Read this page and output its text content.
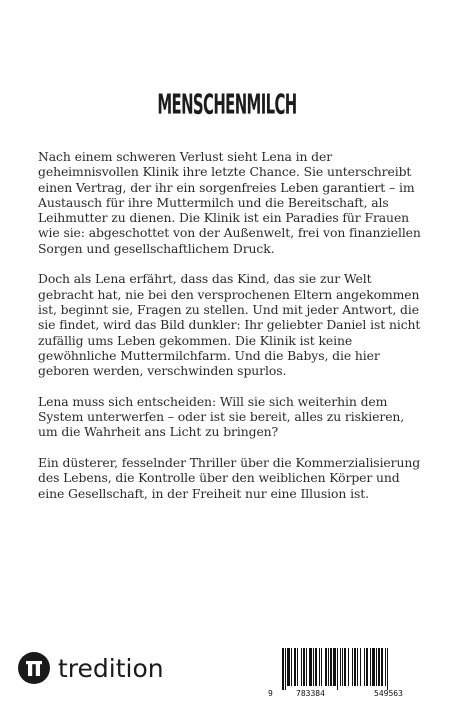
MENSCHENMILCH

Nach einem schweren Verlust sieht Lena in der geheimnisvollen Klinik ihre letzte Chance. Sie unterschreibt einen Vertrag, der ihr ein sorgenfreies Leben garantiert – im Austausch für ihre Muttermilch und die Bereitschaft, als Leihmutter zu dienen. Die Klinik ist ein Paradies für Frauen wie sie: abgeschottet von der Außenwelt, frei von finanziellen Sorgen und gesellschaftlichem Druck.

Doch als Lena erfährt, dass das Kind, das sie zur Welt gebracht hat, nie bei den versprochenen Eltern angekommen ist, beginnt sie, Fragen zu stellen. Und mit jeder Antwort, die sie findet, wird das Bild dunkler: Ihr geliebter Daniel ist nicht zufällig ums Leben gekommen. Die Klinik ist keine gewöhnliche Muttermilchfarm. Und die Babys, die hier geboren werden, verschwinden spurlos.

Lena muss sich entscheiden: Will sie sich weiterhin dem System unterwerfen – oder ist sie bereit, alles zu riskieren, um die Wahrheit ans Licht zu bringen?

Ein düsterer, fesselnder Thriller über die Kommerzialisierung des Lebens, die Kontrolle über den weiblichen Körper und eine Gesellschaft, in der Freiheit nur eine Illusion ist.

tredition
9	783384	549563
